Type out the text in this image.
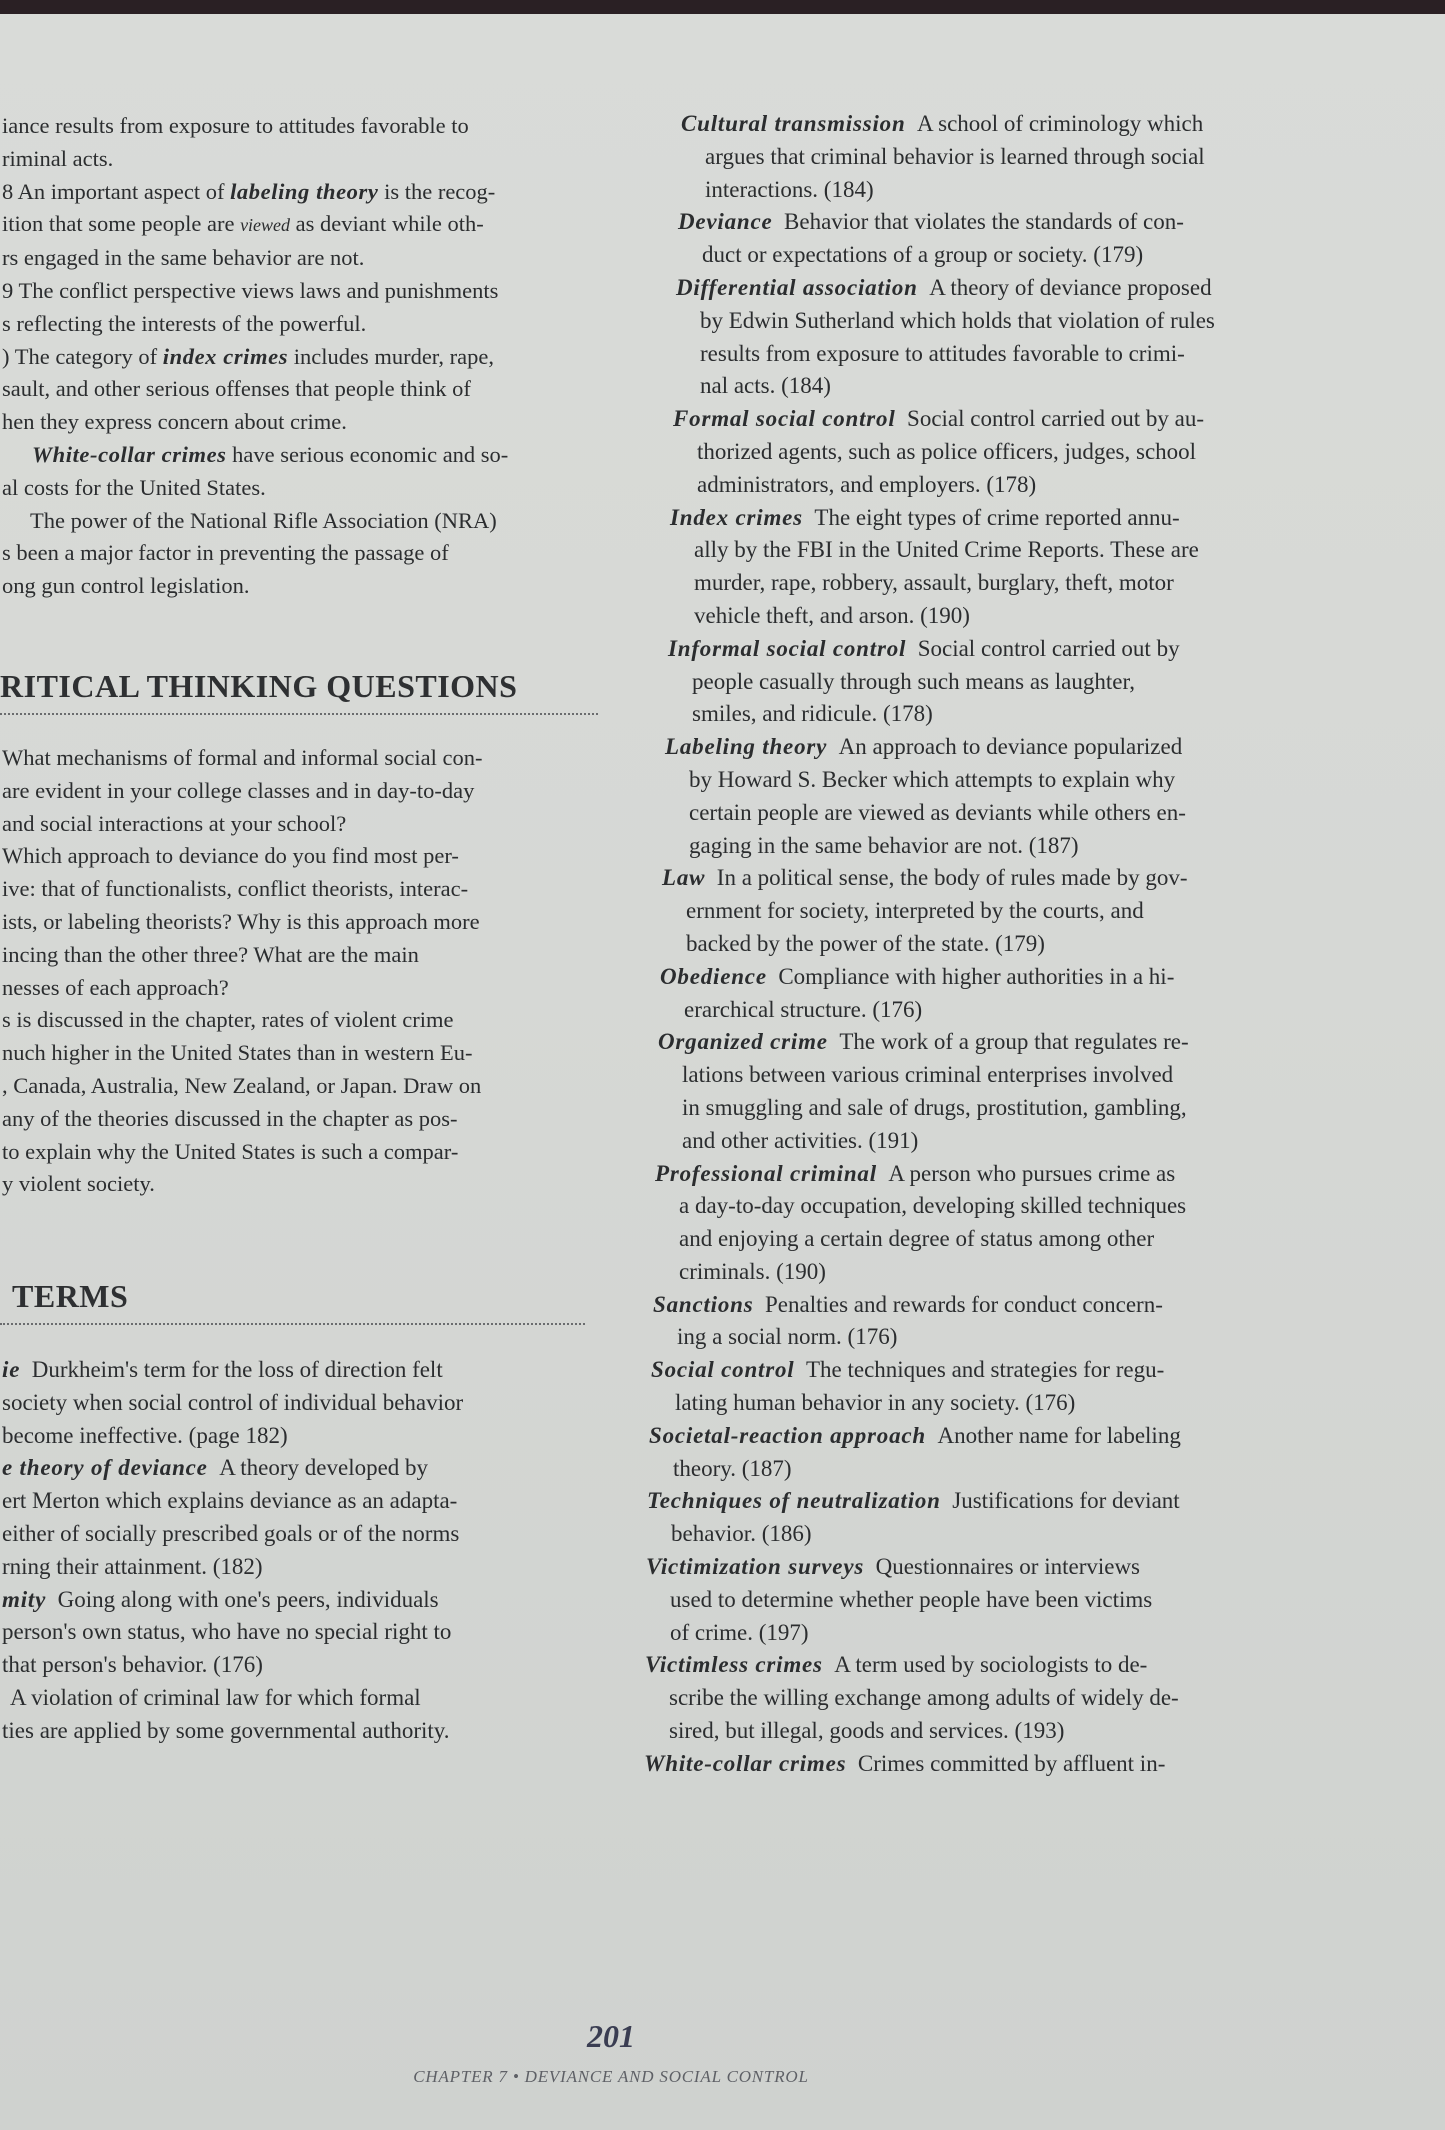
iance results from exposure to attitudes favorable to

riminal acts.

8 An important aspect of labeling theory is the recog-

ition that some people are viewed as deviant while oth-

rs engaged in the same behavior are not.

9 The conflict perspective views laws and punishments

s reflecting the interests of the powerful.

) The category of index crimes includes murder, rape,

sault, and other serious offenses that people think of

hen they express concern about crime.

White-collar crimes have serious economic and so-

al costs for the United States.

The power of the National Rifle Association (NRA)

s been a major factor in preventing the passage of

ong gun control legislation.

RITICAL THINKING QUESTIONS

What mechanisms of formal and informal social con-

are evident in your college classes and in day-to-day

and social interactions at your school?

Which approach to deviance do you find most per-

ive: that of functionalists, conflict theorists, interac-

ists, or labeling theorists? Why is this approach more

incing than the other three? What are the main

nesses of each approach?

s is discussed in the chapter, rates of violent crime

nuch higher in the United States than in western Eu-

, Canada, Australia, New Zealand, or Japan. Draw on

any of the theories discussed in the chapter as pos-

to explain why the United States is such a compar-

y violent society.

TERMS
ie Durkheim's term for the loss of direction felt
society when social control of individual behavior
become ineffective. (page 182)
e theory of deviance A theory developed by
ert Merton which explains deviance as an adapta-
either of socially prescribed goals or of the norms
rning their attainment. (182)
mity Going along with one's peers, individuals
person's own status, who have no special right to
that person's behavior. (176)
A violation of criminal law for which formal
ties are applied by some governmental authority.
Cultural transmission A school of criminology which
argues that criminal behavior is learned through social
interactions. (184)
Deviance Behavior that violates the standards of con-
duct or expectations of a group or society. (179)
Differential association A theory of deviance proposed
by Edwin Sutherland which holds that violation of rules
results from exposure to attitudes favorable to crimi-
nal acts. (184)
Formal social control Social control carried out by au-
thorized agents, such as police officers, judges, school
administrators, and employers. (178)
Index crimes The eight types of crime reported annu-
ally by the FBI in the United Crime Reports. These are
murder, rape, robbery, assault, burglary, theft, motor
vehicle theft, and arson. (190)
Informal social control Social control carried out by
people casually through such means as laughter,
smiles, and ridicule. (178)
Labeling theory An approach to deviance popularized
by Howard S. Becker which attempts to explain why
certain people are viewed as deviants while others en-
gaging in the same behavior are not. (187)
Law In a political sense, the body of rules made by gov-
ernment for society, interpreted by the courts, and
backed by the power of the state. (179)
Obedience Compliance with higher authorities in a hi-
erarchical structure. (176)
Organized crime The work of a group that regulates re-
lations between various criminal enterprises involved
in smuggling and sale of drugs, prostitution, gambling,
and other activities. (191)
Professional criminal A person who pursues crime as
a day-to-day occupation, developing skilled techniques
and enjoying a certain degree of status among other
criminals. (190)
Sanctions Penalties and rewards for conduct concern-
ing a social norm. (176)
Social control The techniques and strategies for regu-
lating human behavior in any society. (176)
Societal-reaction approach Another name for labeling
theory. (187)
Techniques of neutralization Justifications for deviant
behavior. (186)
Victimization surveys Questionnaires or interviews
used to determine whether people have been victims
of crime. (197)
Victimless crimes A term used by sociologists to de-
scribe the willing exchange among adults of widely de-
sired, but illegal, goods and services. (193)
White-collar crimes Crimes committed by affluent in-
201
CHAPTER 7 • DEVIANCE AND SOCIAL CONTROL
